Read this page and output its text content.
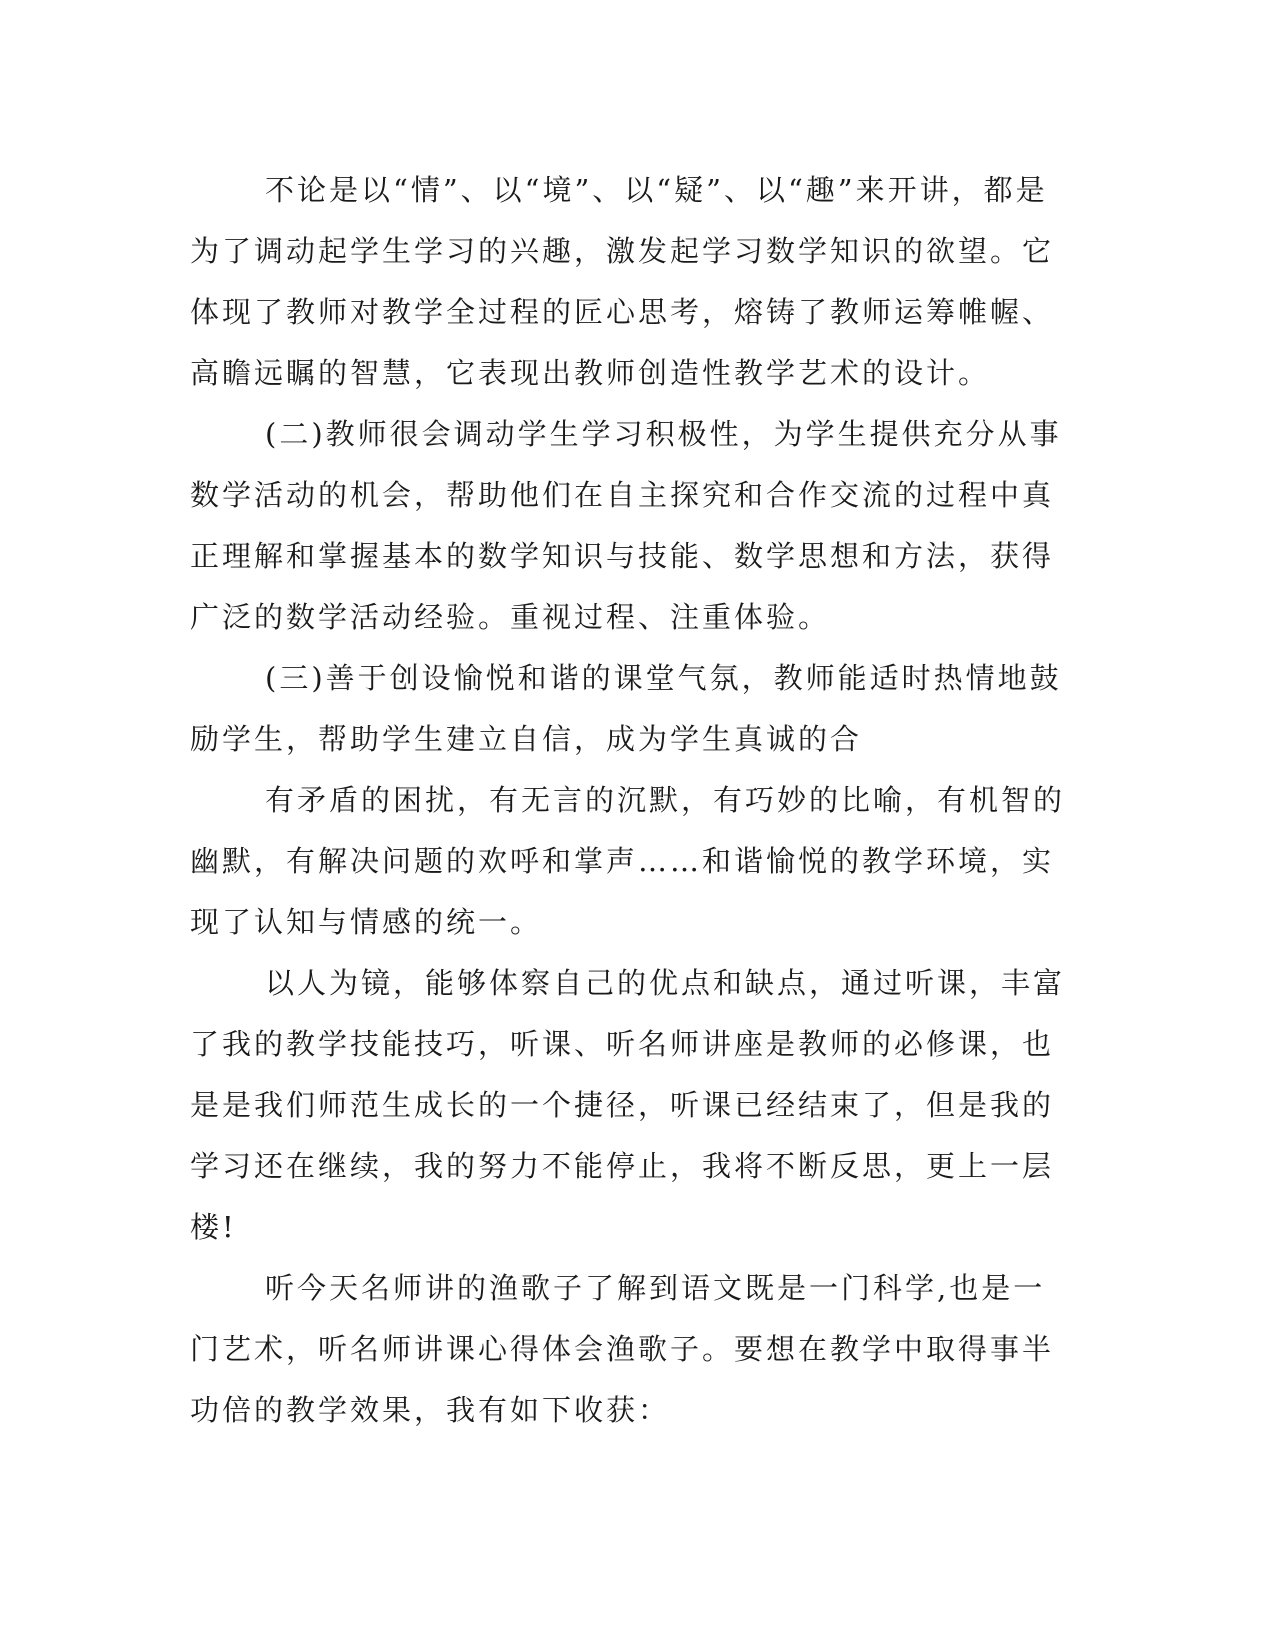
不论是以“情”、以“境”、以“疑”、以“趣”来开讲，都是为了调动起学生学习的兴趣，激发起学习数学知识的欲望。它体现了教师对教学全过程的匠心思考，熔铸了教师运筹帷幄、高瞻远瞩的智慧，它表现出教师创造性教学艺术的设计。

(二)教师很会调动学生学习积极性，为学生提供充分从事数学活动的机会，帮助他们在自主探究和合作交流的过程中真正理解和掌握基本的数学知识与技能、数学思想和方法，获得广泛的数学活动经验。重视过程、注重体验。

(三)善于创设愉悦和谐的课堂气氛，教师能适时热情地鼓励学生，帮助学生建立自信，成为学生真诚的合

有矛盾的困扰，有无言的沉默，有巧妙的比喻，有机智的幽默，有解决问题的欢呼和掌声……和谐愉悦的教学环境，实现了认知与情感的统一。

以人为镜，能够体察自己的优点和缺点，通过听课，丰富了我的教学技能技巧，听课、听名师讲座是教师的必修课，也是是我们师范生成长的一个捷径，听课已经结束了，但是我的学习还在继续，我的努力不能停止，我将不断反思，更上一层楼!

听今天名师讲的渔歌子了解到语文既是一门科学,也是一门艺术，听名师讲课心得体会渔歌子。要想在教学中取得事半功倍的教学效果，我有如下收获：
